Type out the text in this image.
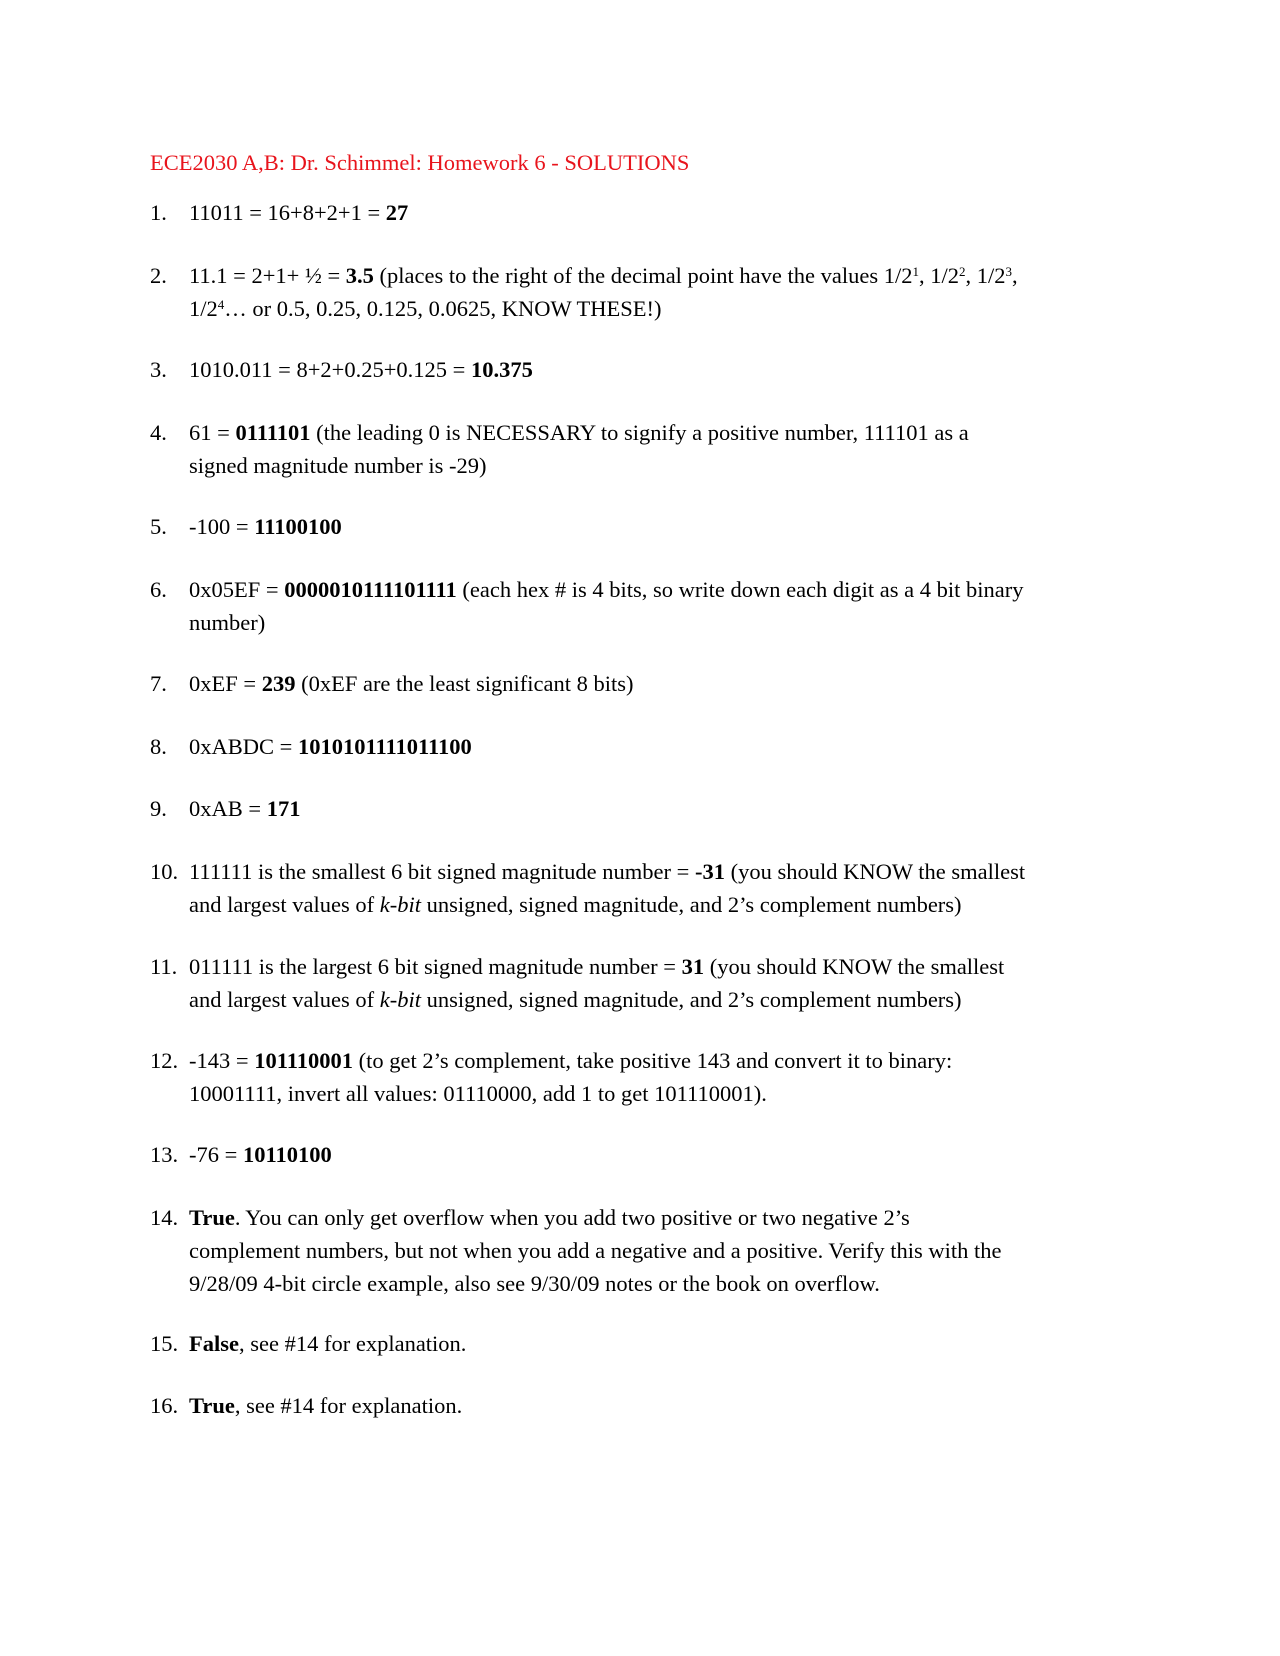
ECE2030 A,B: Dr. Schimmel: Homework 6 - SOLUTIONS
1. 11011 = 16+8+2+1 = 27
2. 11.1 = 2+1+ ½ = 3.5 (places to the right of the decimal point have the values $1/2^1$, $1/2^2$, $1/2^3$,
$1/2^4\dots$ or 0.5, 0.25, 0.125, 0.0625, KNOW THESE!)
3. 1010.011 = 8+2+0.25+0.125 = 10.375
4. 61 = 0111101 (the leading 0 is NECESSARY to signify a positive number, 111101 as a
signed magnitude number is -29)
5. -100 = 11100100
6. 0x05EF = 0000010111101111 (each hex # is 4 bits, so write down each digit as a 4 bit binary
number)
7. 0xEF = 239 (0xEF are the least significant 8 bits)
8. 0xABDC = 1010101111011100
9. 0xAB = 171
10. 111111 is the smallest 6 bit signed magnitude number = -31 (you should KNOW the smallest
and largest values of k-bit unsigned, signed magnitude, and 2’s complement numbers)
11. 011111 is the largest 6 bit signed magnitude number = 31 (you should KNOW the smallest
and largest values of k-bit unsigned, signed magnitude, and 2’s complement numbers)
12. -143 = 101110001 (to get 2’s complement, take positive 143 and convert it to binary:
10001111, invert all values: 01110000, add 1 to get 101110001).
13. -76 = 10110100
14. True. You can only get overflow when you add two positive or two negative 2’s
complement numbers, but not when you add a negative and a positive. Verify this with the
9/28/09 4-bit circle example, also see 9/30/09 notes or the book on overflow.
15. False, see #14 for explanation.
16. True, see #14 for explanation.
